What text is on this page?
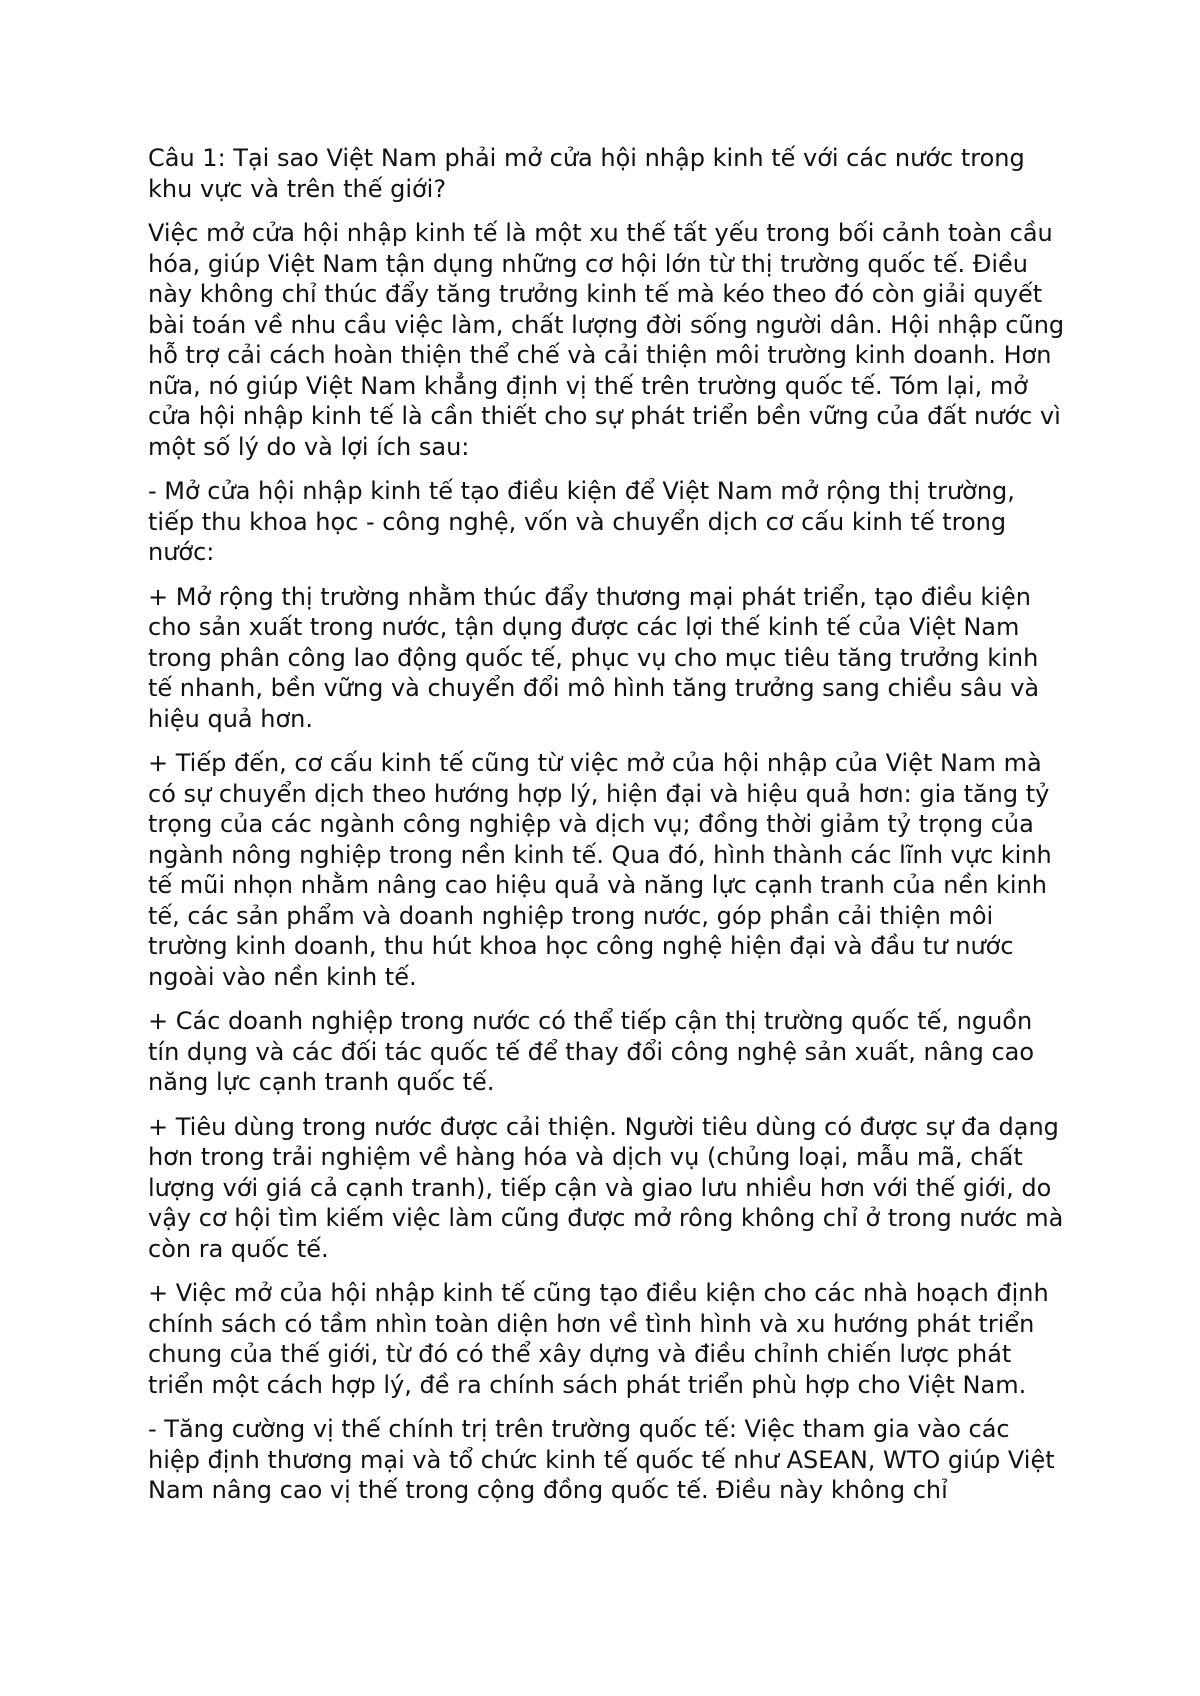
Câu 1: Tại sao Việt Nam phải mở cửa hội nhập kinh tế với các nước trong khu vực và trên thế giới?

Việc mở cửa hội nhập kinh tế là một xu thế tất yếu trong bối cảnh toàn cầu hóa, giúp Việt Nam tận dụng những cơ hội lớn từ thị trường quốc tế. Điều này không chỉ thúc đẩy tăng trưởng kinh tế mà kéo theo đó còn giải quyết bài toán về nhu cầu việc làm, chất lượng đời sống người dân. Hội nhập cũng hỗ trợ cải cách hoàn thiện thể chế và cải thiện môi trường kinh doanh. Hơn nữa, nó giúp Việt Nam khẳng định vị thế trên trường quốc tế. Tóm lại, mở cửa hội nhập kinh tế là cần thiết cho sự phát triển bền vững của đất nước vì một số lý do và lợi ích sau:

- Mở cửa hội nhập kinh tế tạo điều kiện để Việt Nam mở rộng thị trường, tiếp thu khoa học - công nghệ, vốn và chuyển dịch cơ cấu kinh tế trong nước:

+ Mở rộng thị trường nhằm thúc đẩy thương mại phát triển, tạo điều kiện cho sản xuất trong nước, tận dụng được các lợi thế kinh tế của Việt Nam trong phân công lao động quốc tế, phục vụ cho mục tiêu tăng trưởng kinh tế nhanh, bền vững và chuyển đổi mô hình tăng trưởng sang chiều sâu và hiệu quả hơn.

+ Tiếp đến, cơ cấu kinh tế cũng từ việc mở của hội nhập của Việt Nam mà có sự chuyển dịch theo hướng hợp lý, hiện đại và hiệu quả hơn: gia tăng tỷ trọng của các ngành công nghiệp và dịch vụ; đồng thời giảm tỷ trọng của ngành nông nghiệp trong nền kinh tế. Qua đó, hình thành các lĩnh vực kinh tế mũi nhọn nhằm nâng cao hiệu quả và năng lực cạnh tranh của nền kinh tế, các sản phẩm và doanh nghiệp trong nước, góp phần cải thiện môi trường kinh doanh, thu hút khoa học công nghệ hiện đại và đầu tư nước ngoài vào nền kinh tế.

+ Các doanh nghiệp trong nước có thể tiếp cận thị trường quốc tế, nguồn tín dụng và các đối tác quốc tế để thay đổi công nghệ sản xuất, nâng cao năng lực cạnh tranh quốc tế.

+ Tiêu dùng trong nước được cải thiện. Người tiêu dùng có được sự đa dạng hơn trong trải nghiệm về hàng hóa và dịch vụ (chủng loại, mẫu mã, chất lượng với giá cả cạnh tranh), tiếp cận và giao lưu nhiều hơn với thế giới, do vậy cơ hội tìm kiếm việc làm cũng được mở rông không chỉ ở trong nước mà còn ra quốc tế.

+ Việc mở của hội nhập kinh tế cũng tạo điều kiện cho các nhà hoạch định chính sách có tầm nhìn toàn diện hơn về tình hình và xu hướng phát triển chung của thế giới, từ đó có thể xây dựng và điều chỉnh chiến lược phát triển một cách hợp lý, đề ra chính sách phát triển phù hợp cho Việt Nam.

- Tăng cường vị thế chính trị trên trường quốc tế: Việc tham gia vào các hiệp định thương mại và tổ chức kinh tế quốc tế như ASEAN, WTO giúp Việt Nam nâng cao vị thế trong cộng đồng quốc tế. Điều này không chỉ
